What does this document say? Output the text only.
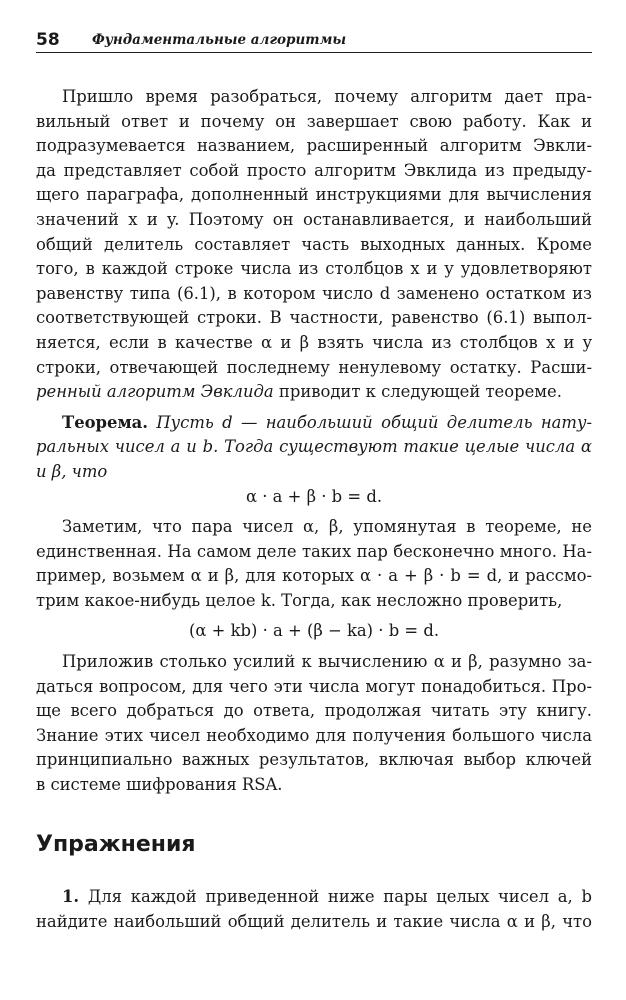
58 Фундаментальные алгоритмы
Пришло время разобраться, почему алгоритм дает пра-
вильный ответ и почему он завершает свою работу. Как и
подразумевается названием, расширенный алгоритм Эвкли-
да представляет собой просто алгоритм Эвклида из предыду-
щего параграфа, дополненный инструкциями для вычисления
значений x и y. Поэтому он останавливается, и наибольший
общий делитель составляет часть выходных данных. Кроме
того, в каждой строке числа из столбцов x и y удовлетворяют
равенству типа (6.1), в котором число d заменено остатком из
соответствующей строки. В частности, равенство (6.1) выпол-
няется, если в качестве α и β взять числа из столбцов x и y
строки, отвечающей последнему ненулевому остатку. Расши-
ренный алгоритм Эвклида приводит к следующей теореме.
Теорема. Пусть d — наибольший общий делитель нату-
ральных чисел a и b. Тогда существуют такие целые числа α
и β, что
α · a + β · b = d.
Заметим, что пара чисел α, β, упомянутая в теореме, не
единственная. На самом деле таких пар бесконечно много. На-
пример, возьмем α и β, для которых α · a + β · b = d, и рассмо-
трим какое-нибудь целое k. Тогда, как несложно проверить,
(α + kb) · a + (β − ka) · b = d.
Приложив столько усилий к вычислению α и β, разумно за-
даться вопросом, для чего эти числа могут понадобиться. Про-
ще всего добраться до ответа, продолжая читать эту книгу.
Знание этих чисел необходимо для получения большого числа
принципиально важных результатов, включая выбор ключей
в системе шифрования RSA.
Упражнения
1. Для каждой приведенной ниже пары целых чисел a, b
найдите наибольший общий делитель и такие числа α и β, что
